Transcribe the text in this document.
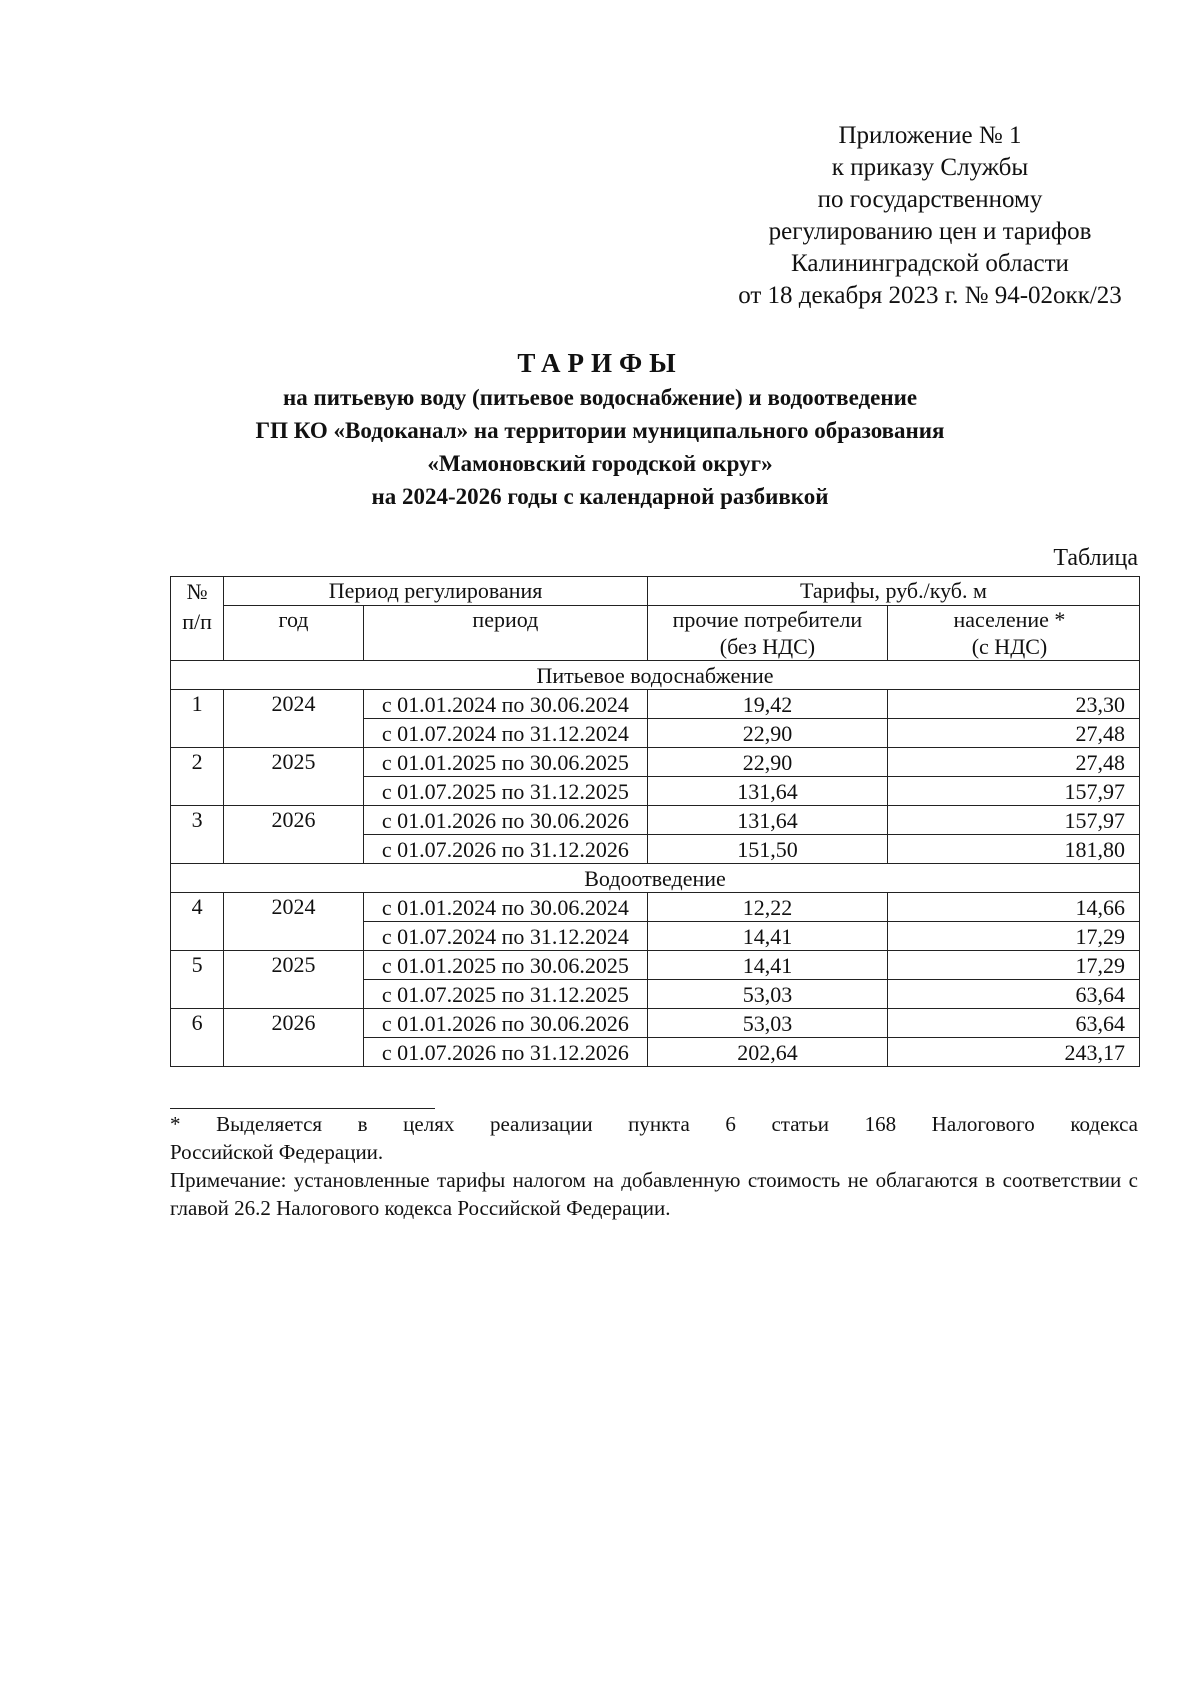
Приложение № 1
к приказу Службы
по государственному
регулированию цен и тарифов
Калининградской области
от 18 декабря 2023 г. № 94-02окк/23
ТАРИФЫ
на питьевую воду (питьевое водоснабжение) и водоотведение
ГП КО «Водоканал» на территории муниципального образования
«Мамоновский городской округ»
на 2024-2026 годы с календарной разбивкой
Таблица
№ п/п	Период регулирования		Тарифы, руб./куб. м	
	год	период	прочие потребители (без НДС)	население * (с НДС)
Питьевое водоснабжение				
1	2024	с 01.01.2024 по 30.06.2024	19,42	23,30
		с 01.07.2024 по 31.12.2024	22,90	27,48
2	2025	с 01.01.2025 по 30.06.2025	22,90	27,48
		с 01.07.2025 по 31.12.2025	131,64	157,97
3	2026	с 01.01.2026 по 30.06.2026	131,64	157,97
		с 01.07.2026 по 31.12.2026	151,50	181,80
Водоотведение				
4	2024	с 01.01.2024 по 30.06.2024	12,22	14,66
		с 01.07.2024 по 31.12.2024	14,41	17,29
5	2025	с 01.01.2025 по 30.06.2025	14,41	17,29
		с 01.07.2025 по 31.12.2025	53,03	63,64
6	2026	с 01.01.2026 по 30.06.2026	53,03	63,64
		с 01.07.2026 по 31.12.2026	202,64	243,17
* Выделяется в целях реализации пункта 6 статьи 168 Налогового кодекса

Российской Федерации.

Примечание: установленные тарифы налогом на добавленную стоимость не облагаются в соответствии с главой 26.2 Налогового кодекса Российской Федерации.
